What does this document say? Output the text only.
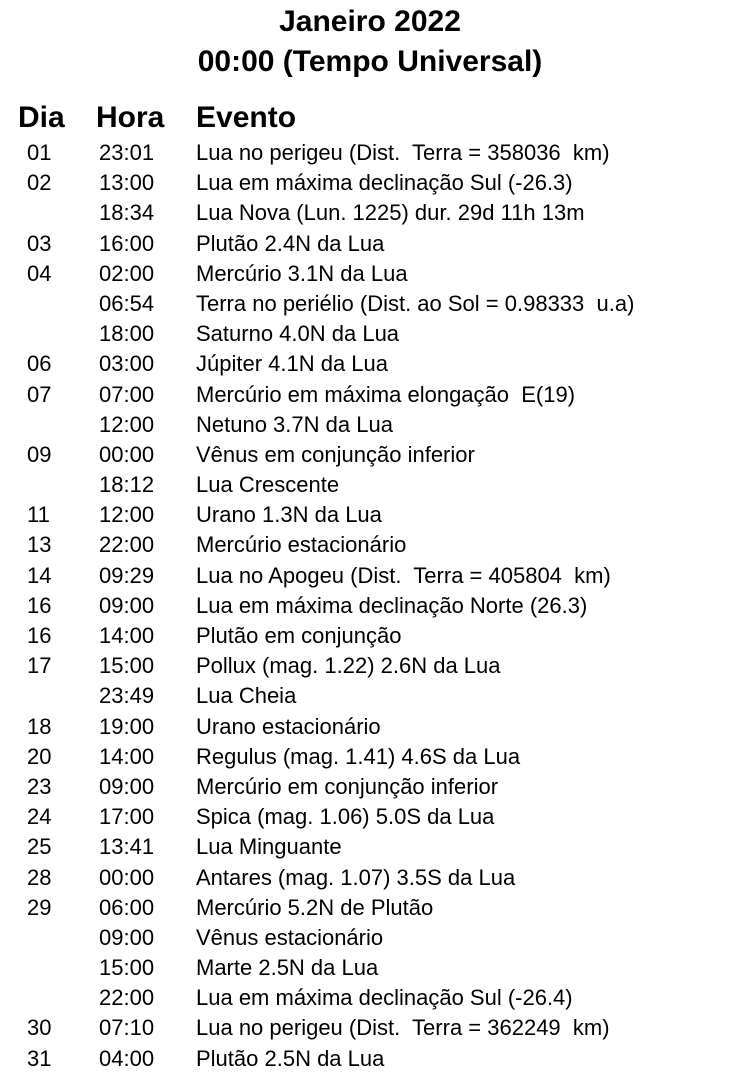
Janeiro 2022
00:00 (Tempo Universal)
Dia Hora Evento
01 23:01 Lua no perigeu (Dist.  Terra = 358036  km)
02 13:00 Lua em máxima declinação Sul (-26.3)
18:34 Lua Nova (Lun. 1225) dur. 29d 11h 13m
03 16:00 Plutão 2.4N da Lua
04 02:00 Mercúrio 3.1N da Lua
06:54 Terra no periélio (Dist. ao Sol = 0.98333  u.a)
18:00 Saturno 4.0N da Lua
06 03:00 Júpiter 4.1N da Lua
07 07:00 Mercúrio em máxima elongação  E(19)
12:00 Netuno 3.7N da Lua
09 00:00 Vênus em conjunção inferior
18:12 Lua Crescente
11 12:00 Urano 1.3N da Lua
13 22:00 Mercúrio estacionário
14 09:29 Lua no Apogeu (Dist.  Terra = 405804  km)
16 09:00 Lua em máxima declinação Norte (26.3)
16 14:00 Plutão em conjunção
17 15:00 Pollux (mag. 1.22) 2.6N da Lua
23:49 Lua Cheia
18 19:00 Urano estacionário
20 14:00 Regulus (mag. 1.41) 4.6S da Lua
23 09:00 Mercúrio em conjunção inferior
24 17:00 Spica (mag. 1.06) 5.0S da Lua
25 13:41 Lua Minguante
28 00:00 Antares (mag. 1.07) 3.5S da Lua
29 06:00 Mercúrio 5.2N de Plutão
09:00 Vênus estacionário
15:00 Marte 2.5N da Lua
22:00 Lua em máxima declinação Sul (-26.4)
30 07:10 Lua no perigeu (Dist.  Terra = 362249  km)
31 04:00 Plutão 2.5N da Lua
